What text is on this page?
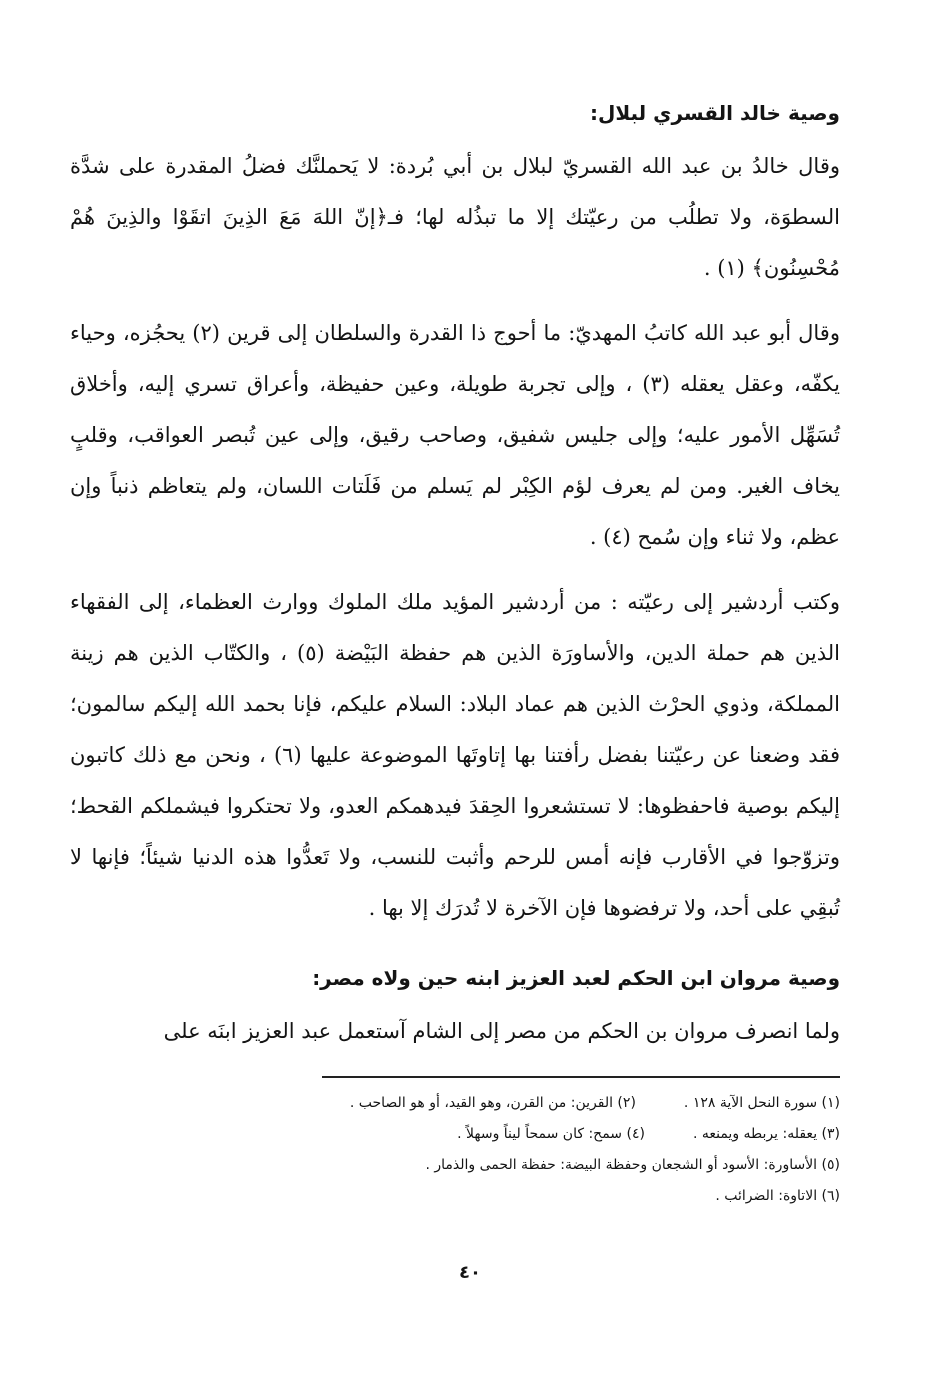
وصية خالد القسري لبلال:

وقال خالدُ بن عبد الله القسريّ لبلال بن أبي بُردة: لا يَحملنَّك فضلُ المقدرة على شدَّة السطوَة، ولا تطلُب من رعيّتك إلا ما تبذُله لها؛ فـ﴿إنّ اللهَ مَعَ الذِينَ اتقَوْا والذِينَ هُمْ مُحْسِنُون﴾ (١) .

وقال أبو عبد الله كاتبُ المهديّ: ما أحوج ذا القدرة والسلطان إلى قرين (٢) يحجُزه، وحياء يكفّه، وعقل يعقله (٣) ، وإلى تجربة طويلة، وعين حفيظة، وأعراق تسري إليه، وأخلاق تُسَهِّل الأمور عليه؛ وإلى جليس شفيق، وصاحب رقيق، وإلى عين تُبصر العواقب، وقلبٍ يخاف الغير. ومن لم يعرف لؤم الكِبْر لم يَسلم من فَلَتات اللسان، ولم يتعاظم ذنباً وإن عظم، ولا ثناء وإن سُمح (٤) .

وكتب أردشير إلى رعيّته : من أردشير المؤيد ملك الملوك ووارث العظماء، إلى الفقهاء الذين هم حملة الدين، والأساورَة الذين هم حفظة البَيْضة (٥) ، والكتّاب الذين هم زينة المملكة، وذوي الحرْث الذين هم عماد البلاد: السلام عليكم، فإنا بحمد الله إليكم سالمون؛ فقد وضعنا عن رعيّتنا بفضل رأفتنا بها إتاوتَها الموضوعة عليها (٦) ، ونحن مع ذلك كاتبون إليكم بوصية فاحفظوها: لا تستشعروا الحِقدَ فيدهمكم العدو، ولا تحتكروا فيشملكم القحط؛ وتزوّجوا في الأقارب فإنه أمس للرحم وأثبت للنسب، ولا تَعدُّوا هذه الدنيا شيئاً؛ فإنها لا تُبقِي على أحد، ولا ترفضوها فإن الآخرة لا تُدرَك إلا بها .

وصية مروان ابن الحكم لعبد العزيز ابنه حين ولاه مصر:

ولما انصرف مروان بن الحكم من مصر إلى الشام آستعمل عبد العزيز ابنَه على

(١) سورة النحل الآية ١٢٨ .
(٢) القرين: من القرن، وهو القيد، أو هو الصاحب .
(٣) يعقله: يربطه ويمنعه .
(٤) سمح: كان سمحاً ليناً وسهلاً .
(٥) الأساورة: الأسود أو الشجعان وحفظة البيضة: حفظة الحمى والذمار .
(٦) الاتاوة: الضرائب .
٤٠
